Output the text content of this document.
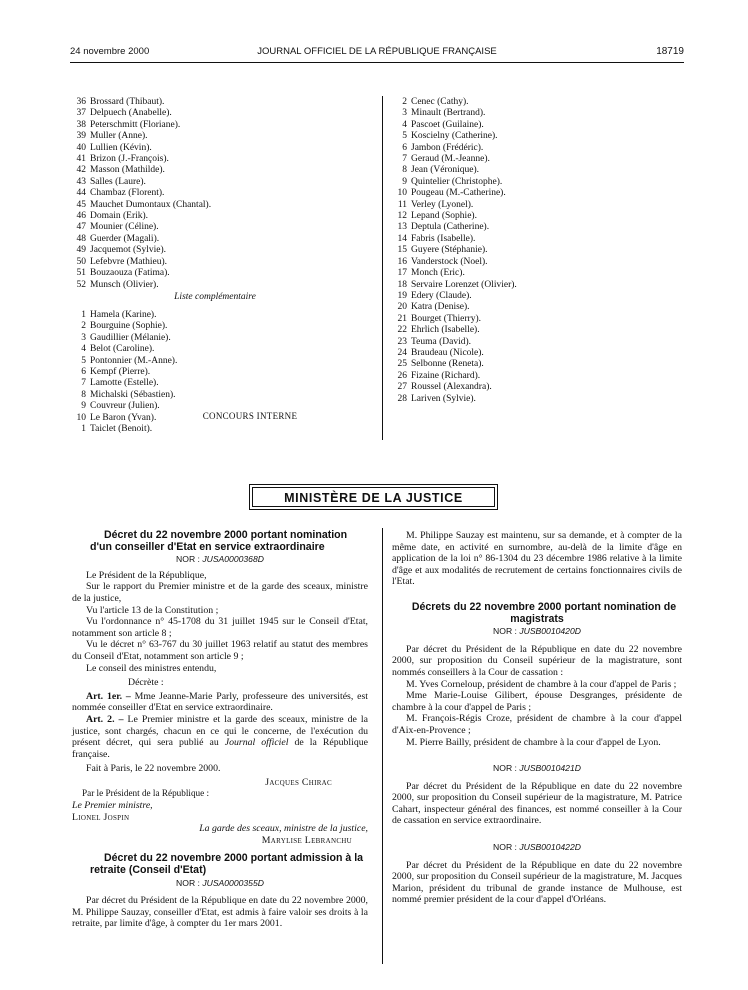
24 novembre 2000	JOURNAL OFFICIEL DE LA RÉPUBLIQUE FRANÇAISE	18719
36 Brossard (Thibaut).
37 Delpuech (Anabelle).
38 Peterschmitt (Floriane).
39 Muller (Anne).
40 Lullien (Kévin).
41 Brizon (J.-François).
42 Masson (Mathilde).
43 Salles (Laure).
44 Chambaz (Florent).
45 Mauchet Dumontaux (Chantal).
46 Domain (Erik).
47 Mounier (Céline).
48 Guerder (Magali).
49 Jacquemot (Sylvie).
50 Lefebvre (Mathieu).
51 Bouzaouza (Fatima).
52 Munsch (Olivier).
Liste complémentaire
1 Hamela (Karine).
2 Bourguine (Sophie).
3 Gaudillier (Mélanie).
4 Belot (Caroline).
5 Pontonnier (M.-Anne).
6 Kempf (Pierre).
7 Lamotte (Estelle).
8 Michalski (Sébastien).
9 Couvreur (Julien).
10 Le Baron (Yvan).	CONCOURS INTERNE
1 Taiclet (Benoit).
2 Cenec (Cathy).
3 Minault (Bertrand).
4 Pascoet (Guilaine).
5 Koscielny (Catherine).
6 Jambon (Frédéric).
7 Geraud (M.-Jeanne).
8 Jean (Véronique).
9 Quintelier (Christophe).
10 Pougeau (M.-Catherine).
11 Verley (Lyonel).
12 Lepand (Sophie).
13 Deptula (Catherine).
14 Fabris (Isabelle).
15 Guyere (Stéphanie).
16 Vanderstock (Noel).
17 Monch (Eric).
18 Servaire Lorenzet (Olivier).
19 Edery (Claude).
20 Katra (Denise).
21 Bourget (Thierry).
22 Ehrlich (Isabelle).
23 Teuma (David).
24 Braudeau (Nicole).
25 Selbonne (Reneta).
26 Fizaine (Richard).
27 Roussel (Alexandra).
28 Lariven (Sylvie).
MINISTÈRE DE LA JUSTICE

Décret du 22 novembre 2000 portant nomination d'un conseiller d'Etat en service extraordinaire

NOR : JUSA0000368D

Le Président de la République,

Sur le rapport du Premier ministre et de la garde des sceaux, ministre de la justice,

Vu l'article 13 de la Constitution ;

Vu l'ordonnance n° 45-1708 du 31 juillet 1945 sur le Conseil d'Etat, notamment son article 8 ;

Vu le décret n° 63-767 du 30 juillet 1963 relatif au statut des membres du Conseil d'Etat, notamment son article 9 ;

Le conseil des ministres entendu,

Décrète :

Art. 1er. – Mme Jeanne-Marie Parly, professeure des universités, est nommée conseiller d'Etat en service extraordinaire.

Art. 2. – Le Premier ministre et la garde des sceaux, ministre de la justice, sont chargés, chacun en ce qui le concerne, de l'exécution du présent décret, qui sera publié au Journal officiel de la République française.

Fait à Paris, le 22 novembre 2000.

Jacques Chirac

Par le Président de la République :

Le Premier ministre,

Lionel Jospin

La garde des sceaux, ministre de la justice,

Marylise Lebranchu

Décret du 22 novembre 2000 portant admission à la retraite (Conseil d'Etat)

NOR : JUSA0000355D

Par décret du Président de la République en date du 22 novembre 2000, M. Philippe Sauzay, conseiller d'Etat, est admis à faire valoir ses droits à la retraite, par limite d'âge, à compter du 1er mars 2001.

M. Philippe Sauzay est maintenu, sur sa demande, et à compter de la même date, en activité en surnombre, au-delà de la limite d'âge en application de la loi n° 86-1304 du 23 décembre 1986 relative à la limite d'âge et aux modalités de recrutement de certains fonctionnaires civils de l'Etat.

Décrets du 22 novembre 2000 portant nomination de magistrats

NOR : JUSB0010420D

Par décret du Président de la République en date du 22 novembre 2000, sur proposition du Conseil supérieur de la magistrature, sont nommés conseillers à la Cour de cassation :

M. Yves Corneloup, président de chambre à la cour d'appel de Paris ;

Mme Marie-Louise Gilibert, épouse Desgranges, présidente de chambre à la cour d'appel de Paris ;

M. François-Régis Croze, président de chambre à la cour d'appel d'Aix-en-Provence ;

M. Pierre Bailly, président de chambre à la cour d'appel de Lyon.

NOR : JUSB0010421D

Par décret du Président de la République en date du 22 novembre 2000, sur proposition du Conseil supérieur de la magistrature, M. Patrice Cahart, inspecteur général des finances, est nommé conseiller à la Cour de cassation en service extraordinaire.

NOR : JUSB0010422D

Par décret du Président de la République en date du 22 novembre 2000, sur proposition du Conseil supérieur de la magistrature, M. Jacques Marion, président du tribunal de grande instance de Mulhouse, est nommé premier président de la cour d'appel d'Orléans.
